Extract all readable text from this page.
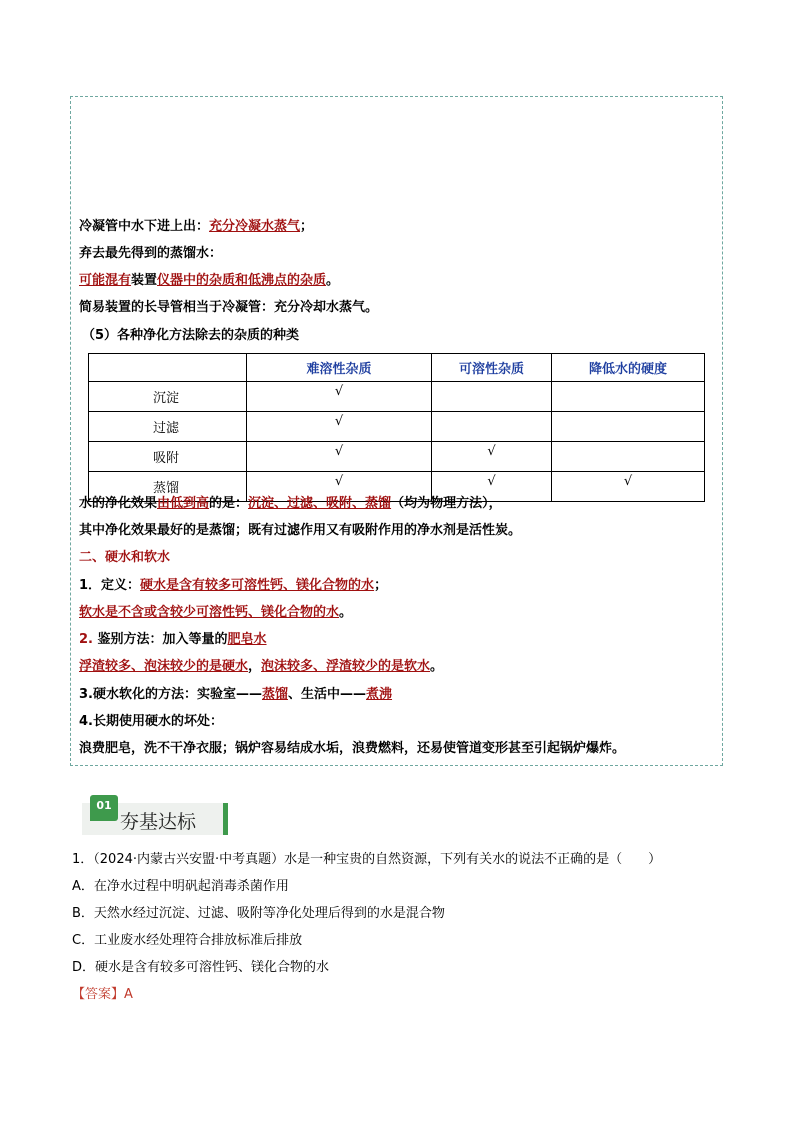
冷凝管中水下进上出：充分冷凝水蒸气；
弃去最先得到的蒸馏水：
可能混有装置仪器中的杂质和低沸点的杂质。
简易装置的长导管相当于冷凝管：充分冷却水蒸气。
（5）各种净化方法除去的杂质的种类
	难溶性杂质	可溶性杂质	降低水的硬度
沉淀	√		
过滤	√		
吸附	√	√	
蒸馏	√	√	√
水的净化效果由低到高的是：沉淀、过滤、吸附、蒸馏（均为物理方法），
其中净化效果最好的是蒸馏；既有过滤作用又有吸附作用的净水剂是活性炭。
二、硬水和软水
1．定义：硬水是含有较多可溶性钙、镁化合物的水；
软水是不含或含较少可溶性钙、镁化合物的水。
2. 鉴别方法：加入等量的肥皂水
浮渣较多、泡沫较少的是硬水，泡沫较多、浮渣较少的是软水。
3.硬水软化的方法：实验室——蒸馏、生活中——煮沸
4.长期使用硬水的坏处：
浪费肥皂，洗不干净衣服；锅炉容易结成水垢，浪费燃料，还易使管道变形甚至引起锅炉爆炸。
01
夯基达标
1．（2024·内蒙古兴安盟·中考真题）水是一种宝贵的自然资源，下列有关水的说法不正确的是（　　）
A．在净水过程中明矾起消毒杀菌作用
B．天然水经过沉淀、过滤、吸附等净化处理后得到的水是混合物
C．工业废水经处理符合排放标准后排放
D．硬水是含有较多可溶性钙、镁化合物的水
【答案】A
